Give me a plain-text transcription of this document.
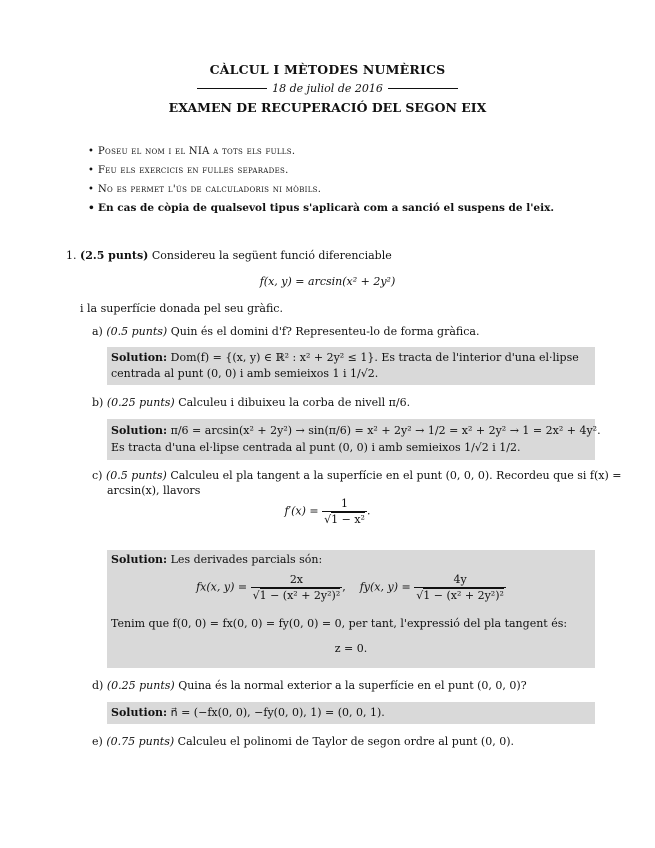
CÀLCUL I MÈTODES NUMÈRICS
18 de juliol de 2016
EXAMEN DE RECUPERACIÓ DEL SEGON EIX
• Poseu el nom i el NIA a tots els fulls.
• Feu els exercicis en fulles separades.
• No es permet l'ús de calculadoris ni mòbils.
• En cas de còpia de qualsevol tipus s'aplicarà com a sanció el suspens de l'eix.
1. (2.5 punts) Considereu la següent funció diferenciable
f(x, y) = arcsin(x² + 2y²)
i la superfície donada pel seu gràfic.
a) (0.5 punts) Quin és el domini d'f? Representeu-lo de forma gràfica.
Solution: Dom(f) = {(x, y) ∈ ℝ² : x² + 2y² ≤ 1}. Es tracta de l'interior d'una el·lipse
centrada al punt (0, 0) i amb semieixos 1 i 1/√2.
b) (0.25 punts) Calculeu i dibuixeu la corba de nivell π/6.
Solution: π/6 = arcsin(x² + 2y²) → sin(π/6) = x² + 2y² → 1/2 = x² + 2y² → 1 = 2x² + 4y².
Es tracta d'una el·lipse centrada al punt (0, 0) i amb semieixos 1/√2 i 1/2.
c) (0.5 punts) Calculeu el pla tangent a la superfície en el punt (0, 0, 0). Recordeu que si f(x) =
arcsin(x), llavors
$f'(x) = \frac{1}{\text{√1 − x²}}$ .
Solution: Les derivades parcials són:
fx(x, $y) = \frac{2x}{\text{√1 − (x² + 2y²)²}}$ ,    fy(x, $y) = \frac{4y}{\text{√1 − (x² + 2y²)²}}$
Tenim que f(0, 0) = fx(0, 0) = fy(0, 0) = 0, per tant, l'expressió del pla tangent és:
z = 0.
d) (0.25 punts) Quina és la normal exterior a la superfície en el punt (0, 0, 0)?
Solution: n⃗ = (−fx(0, 0), −fy(0, 0), 1) = (0, 0, 1).
e) (0.75 punts) Calculeu el polinomi de Taylor de segon ordre al punt (0, 0).
